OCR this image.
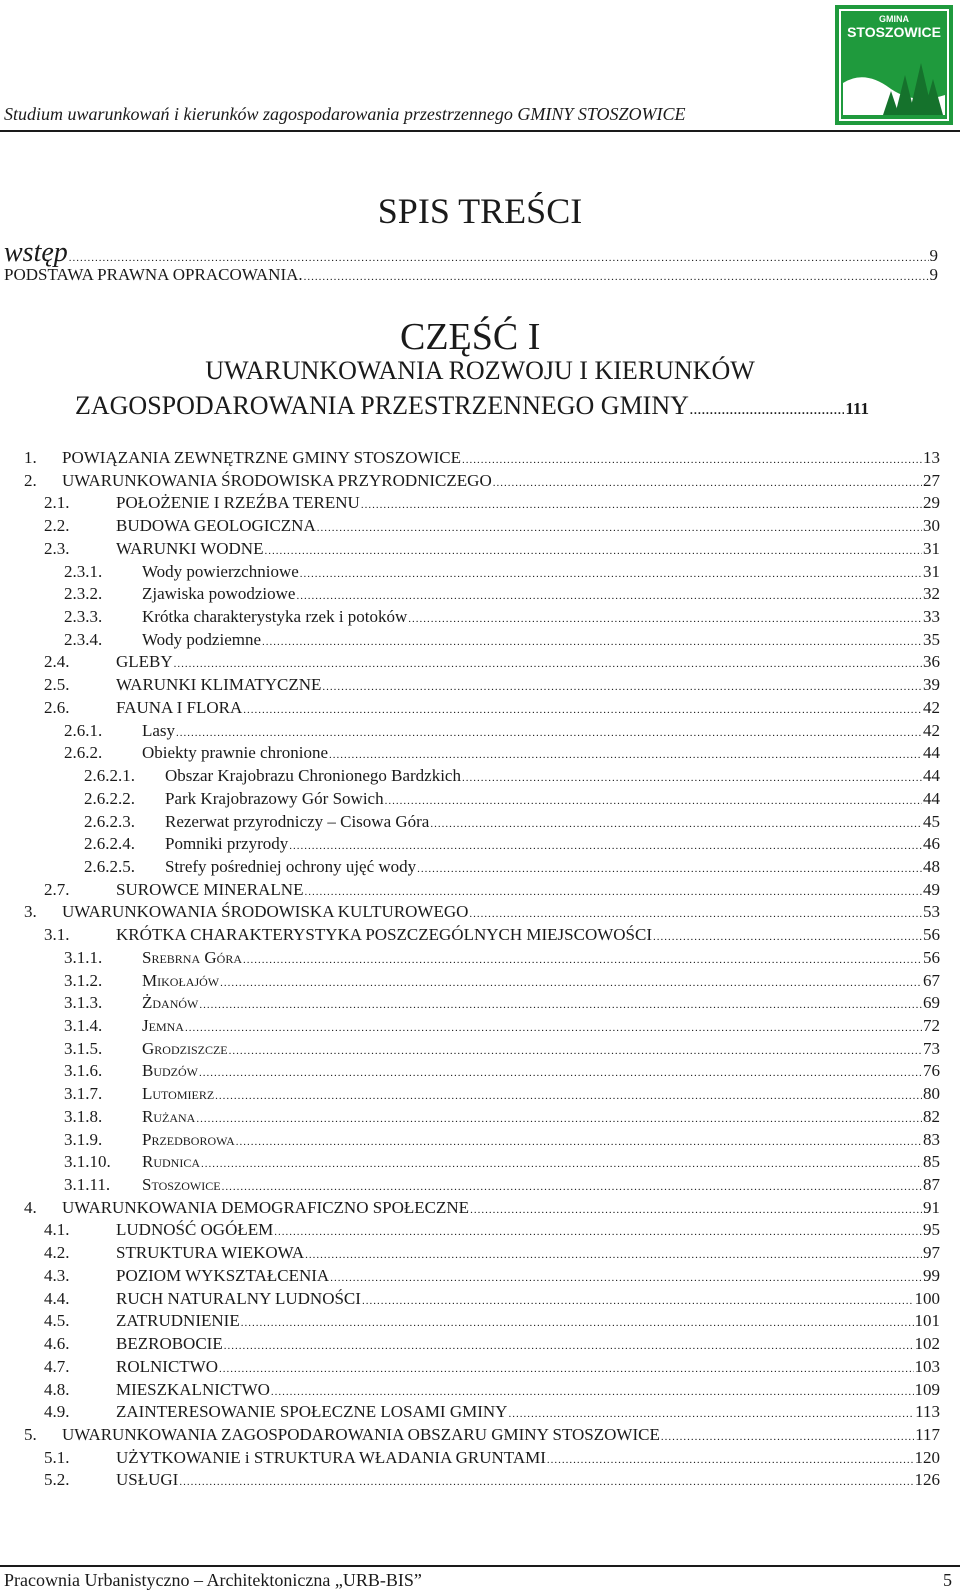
Studium uwarunkowań i kierunków zagospodarowania przestrzennego GMINY STOSZOWICE
GMINA
STOSZOWICE
SPIS TREŚCI
wstęp .....	9
PODSTAWA PRAWNA OPRACOWANIA. .....	9
CZĘŚĆ I
UWARUNKOWANIA ROZWOJU I KIERUNKÓW
ZAGOSPODAROWANIA PRZESTRZENNEGO GMINY .....	111
1.	POWIĄZANIA ZEWNĘTRZNE GMINY STOSZOWICE .....	13
2.	UWARUNKOWANIA ŚRODOWISKA PRZYRODNICZEGO .....	27
2.1.	POŁOŻENIE I RZEŹBA TERENU .....	29
2.2.	BUDOWA GEOLOGICZNA .....	30
2.3.	WARUNKI WODNE .....	31
2.3.1.	Wody powierzchniowe .....	31
2.3.2.	Zjawiska powodziowe .....	32
2.3.3.	Krótka charakterystyka rzek i potoków .....	33
2.3.4.	Wody podziemne .....	35
2.4.	GLEBY .....	36
2.5.	WARUNKI KLIMATYCZNE .....	39
2.6.	FAUNA I FLORA .....	42
2.6.1.	Lasy .....	42
2.6.2.	Obiekty prawnie chronione .....	44
2.6.2.1.	Obszar Krajobrazu Chronionego Bardzkich .....	44
2.6.2.2.	Park Krajobrazowy Gór Sowich .....	44
2.6.2.3.	Rezerwat przyrodniczy – Cisowa Góra .....	45
2.6.2.4.	Pomniki przyrody .....	46
2.6.2.5.	Strefy pośredniej ochrony ujęć wody .....	48
2.7.	SUROWCE MINERALNE .....	49
3.	UWARUNKOWANIA ŚRODOWISKA KULTUROWEGO .....	53
3.1.	KRÓTKA CHARAKTERYSTYKA POSZCZEGÓLNYCH MIEJSCOWOŚCI .....	56
3.1.1.	Srebrna Góra .....	56
3.1.2.	Mikołajów .....	67
3.1.3.	Żdanów .....	69
3.1.4.	Jemna .....	72
3.1.5.	Grodziszcze .....	73
3.1.6.	Budzów .....	76
3.1.7.	Lutomierz .....	80
3.1.8.	Rużana .....	82
3.1.9.	Przedborowa .....	83
3.1.10.	Rudnica .....	85
3.1.11.	Stoszowice .....	87
4.	UWARUNKOWANIA DEMOGRAFICZNO SPOŁECZNE .....	91
4.1.	LUDNOŚĆ OGÓŁEM .....	95
4.2.	STRUKTURA WIEKOWA .....	97
4.3.	POZIOM WYKSZTAŁCENIA .....	99
4.4.	RUCH NATURALNY LUDNOŚCI .....	100
4.5.	ZATRUDNIENIE .....	101
4.6.	BEZROBOCIE .....	102
4.7.	ROLNICTWO .....	103
4.8.	MIESZKALNICTWO .....	109
4.9.	ZAINTERESOWANIE SPOŁECZNE LOSAMI GMINY .....	113
5.	UWARUNKOWANIA ZAGOSPODAROWANIA OBSZARU GMINY STOSZOWICE .....	117
5.1.	UŻYTKOWANIE i STRUKTURA WŁADANIA GRUNTAMI .....	120
5.2.	USŁUGI .....	126
Pracownia Urbanistyczno – Architektoniczna „URB-BIS”	5
